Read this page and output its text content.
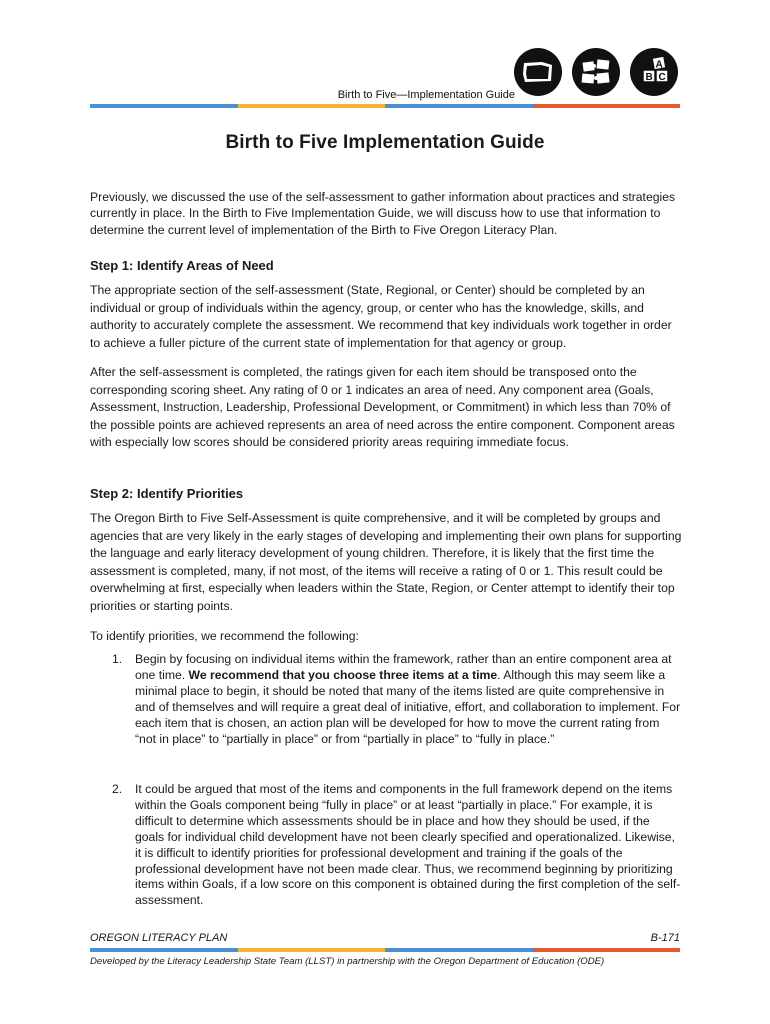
Birth to Five—Implementation Guide
A
B C
Birth to Five Implementation Guide

Previously, we discussed the use of the self-assessment to gather information about practices and strategies currently in place. In the Birth to Five Implementation Guide, we will discuss how to use that information to determine the current level of implementation of the Birth to Five Oregon Literacy Plan.

Step 1: Identify Areas of Need

The appropriate section of the self-assessment (State, Regional, or Center) should be completed by an individual or group of individuals within the agency, group, or center who has the knowledge, skills, and authority to accurately complete the assessment. We recommend that key individuals work together in order to achieve a fuller picture of the current state of implementation for that agency or group.

After the self-assessment is completed, the ratings given for each item should be transposed onto the corresponding scoring sheet. Any rating of 0 or 1 indicates an area of need. Any component area (Goals, Assessment, Instruction, Leadership, Professional Development, or Commitment) in which less than 70% of the possible points are achieved represents an area of need across the entire component. Component areas with especially low scores should be considered priority areas requiring immediate focus.

Step 2: Identify Priorities

The Oregon Birth to Five Self-Assessment is quite comprehensive, and it will be completed by groups and agencies that are very likely in the early stages of developing and implementing their own plans for supporting the language and early literacy development of young children. Therefore, it is likely that the first time the assessment is completed, many, if not most, of the items will receive a rating of 0 or 1. This result could be overwhelming at first, especially when leaders within the State, Region, or Center attempt to identify their top priorities or starting points.

To identify priorities, we recommend the following:

1. Begin by focusing on individual items within the framework, rather than an entire component area at one time. We recommend that you choose three items at a time. Although this may seem like a minimal place to begin, it should be noted that many of the items listed are quite comprehensive in and of themselves and will require a great deal of initiative, effort, and collaboration to implement. For each item that is chosen, an action plan will be developed for how to move the current rating from “not in place” to “partially in place” or from “partially in place” to “fully in place.”
2. It could be argued that most of the items and components in the full framework depend on the items within the Goals component being “fully in place” or at least “partially in place.” For example, it is difficult to determine which assessments should be in place and how they should be used, if the goals for individual child development have not been clearly specified and operationalized. Likewise, it is difficult to identify priorities for professional development and training if the goals of the professional development have not been made clear. Thus, we recommend beginning by prioritizing items within Goals, if a low score on this component is obtained during the first completion of the self-assessment.
OREGON LITERACY PLAN	B-171
Developed by the Literacy Leadership State Team (LLST) in partnership with the Oregon Department of Education (ODE)
